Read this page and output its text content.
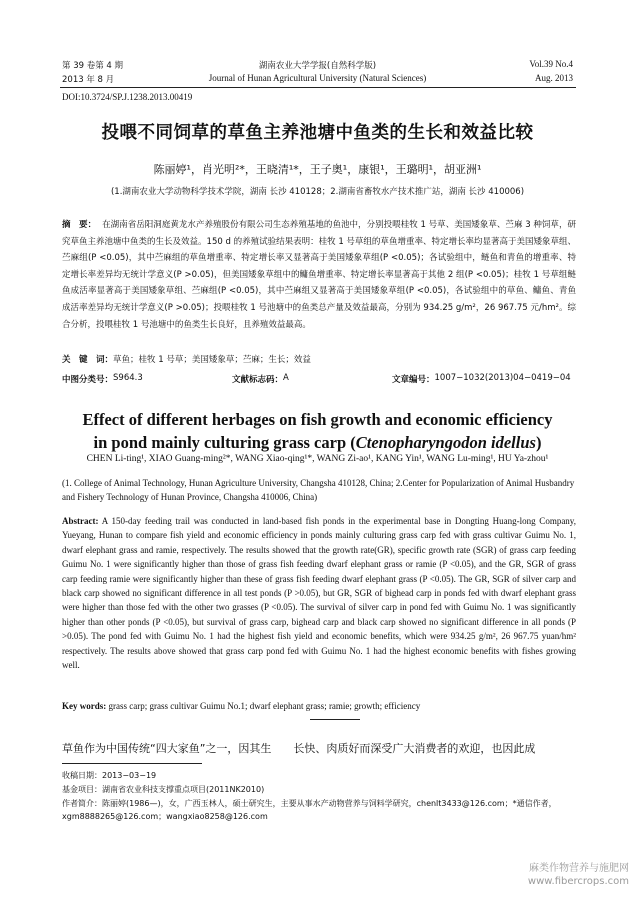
第 39 卷第 4 期
2013 年 8 月
湖南农业大学学报(自然科学版)
Journal of Hunan Agricultural University (Natural Sciences)
Vol.39 No.4
Aug. 2013
DOI:10.3724/SP.J.1238.2013.00419
投喂不同饲草的草鱼主养池塘中鱼类的生长和效益比较
陈丽婷¹，肖光明²*，王晓清¹*，王子奥¹，康银¹，王璐明¹，胡亚洲¹
(1.湖南农业大学动物科学技术学院，湖南 长沙 410128；2.湖南省畜牧水产技术推广站，湖南 长沙 410006)
摘　要： 在湖南省岳阳洞庭黄龙水产养殖股份有限公司生态养殖基地的鱼池中，分别投喂桂牧 1 号草、美国矮象草、苎麻 3 种饲草，研究草鱼主养池塘中鱼类的生长及效益。150 d 的养殖试验结果表明：桂牧 1 号草组的草鱼增重率、特定增长率均显著高于美国矮象草组、苎麻组(P <0.05)，其中苎麻组的草鱼增重率、特定增长率又显著高于美国矮象草组(P <0.05)；各试验组中，鲢鱼和青鱼的增重率、特定增长率差异均无统计学意义(P >0.05)，但美国矮象草组中的鳙鱼增重率、特定增长率显著高于其他 2 组(P <0.05)；桂牧 1 号草组鲢鱼成活率显著高于美国矮象草组、苎麻组(P <0.05)，其中苎麻组又显著高于美国矮象草组(P <0.05)，各试验组中的草鱼、鳙鱼、青鱼成活率差异均无统计学意义(P >0.05)；投喂桂牧 1 号池塘中的鱼类总产量及效益最高，分别为 934.25 g/m²，26 967.75 元/hm²。综合分析，投喂桂牧 1 号池塘中的鱼类生长良好，且养殖效益最高。
关　键　词：草鱼；桂牧 1 号草；美国矮象草；苎麻；生长；效益
中图分类号： S964.3	文献标志码： A	文章编号： 1007−1032(2013)04−0419−04
Effect of different herbages on fish growth and economic efficiency
in pond mainly culturing grass carp (Ctenopharyngodon idellus)
CHEN Li-ting¹, XIAO Guang-ming²*, WANG Xiao-qing¹*, WANG Zi-ao¹, KANG Yin¹, WANG Lu-ming¹, HU Ya-zhou¹
(1. College of Animal Technology, Hunan Agriculture University, Changsha 410128, China; 2.Center for Popularization of Animal Husbandry and Fishery Technology of Hunan Province, Changsha 410006, China)
Abstract: A 150-day feeding trail was conducted in land-based fish ponds in the experimental base in Dongting Huang-long Company, Yueyang, Hunan to compare fish yield and economic efficiency in ponds mainly culturing grass carp fed with grass cultivar Guimu No. 1, dwarf elephant grass and ramie, respectively. The results showed that the growth rate(GR), specific growth rate (SGR) of grass carp feeding Guimu No. 1 were significantly higher than those of grass fish feeding dwarf elephant grass or ramie (P <0.05), and the GR, SGR of grass carp feeding ramie were significantly higher than these of grass fish feeding dwarf elephant grass (P <0.05). The GR, SGR of silver carp and black carp showed no significant difference in all test ponds (P >0.05), but GR, SGR of bighead carp in ponds fed with dwarf elephant grass were higher than those fed with the other two grasses (P <0.05). The survival of silver carp in pond fed with Guimu No. 1 was significantly higher than other ponds (P <0.05), but survival of grass carp, bighead carp and black carp showed no significant difference in all ponds (P >0.05). The pond fed with Guimu No. 1 had the highest fish yield and economic benefits, which were 934.25 g/m², 26 967.75 yuan/hm² respectively. The results above showed that grass carp pond fed with Guimu No. 1 had the highest economic benefits with fishes growing well.
Key words: grass carp; grass cultivar Guimu No.1; dwarf elephant grass; ramie; growth; efficiency
草鱼作为中国传统“四大家鱼”之一，因其生　　长快、肉质好而深受广大消费者的欢迎，也因此成
收稿日期：2013−03−19
基金项目：湖南省农业科技支撑重点项目(2011NK2010)
作者简介：陈丽婷(1986—)，女，广西玉林人，硕士研究生，主要从事水产动物营养与饲料学研究，chenlt3433@126.com；*通信作者，xgm8888265@126.com；wangxiao8258@126.com
麻类作物营养与施肥网
www.fibercrops.com
